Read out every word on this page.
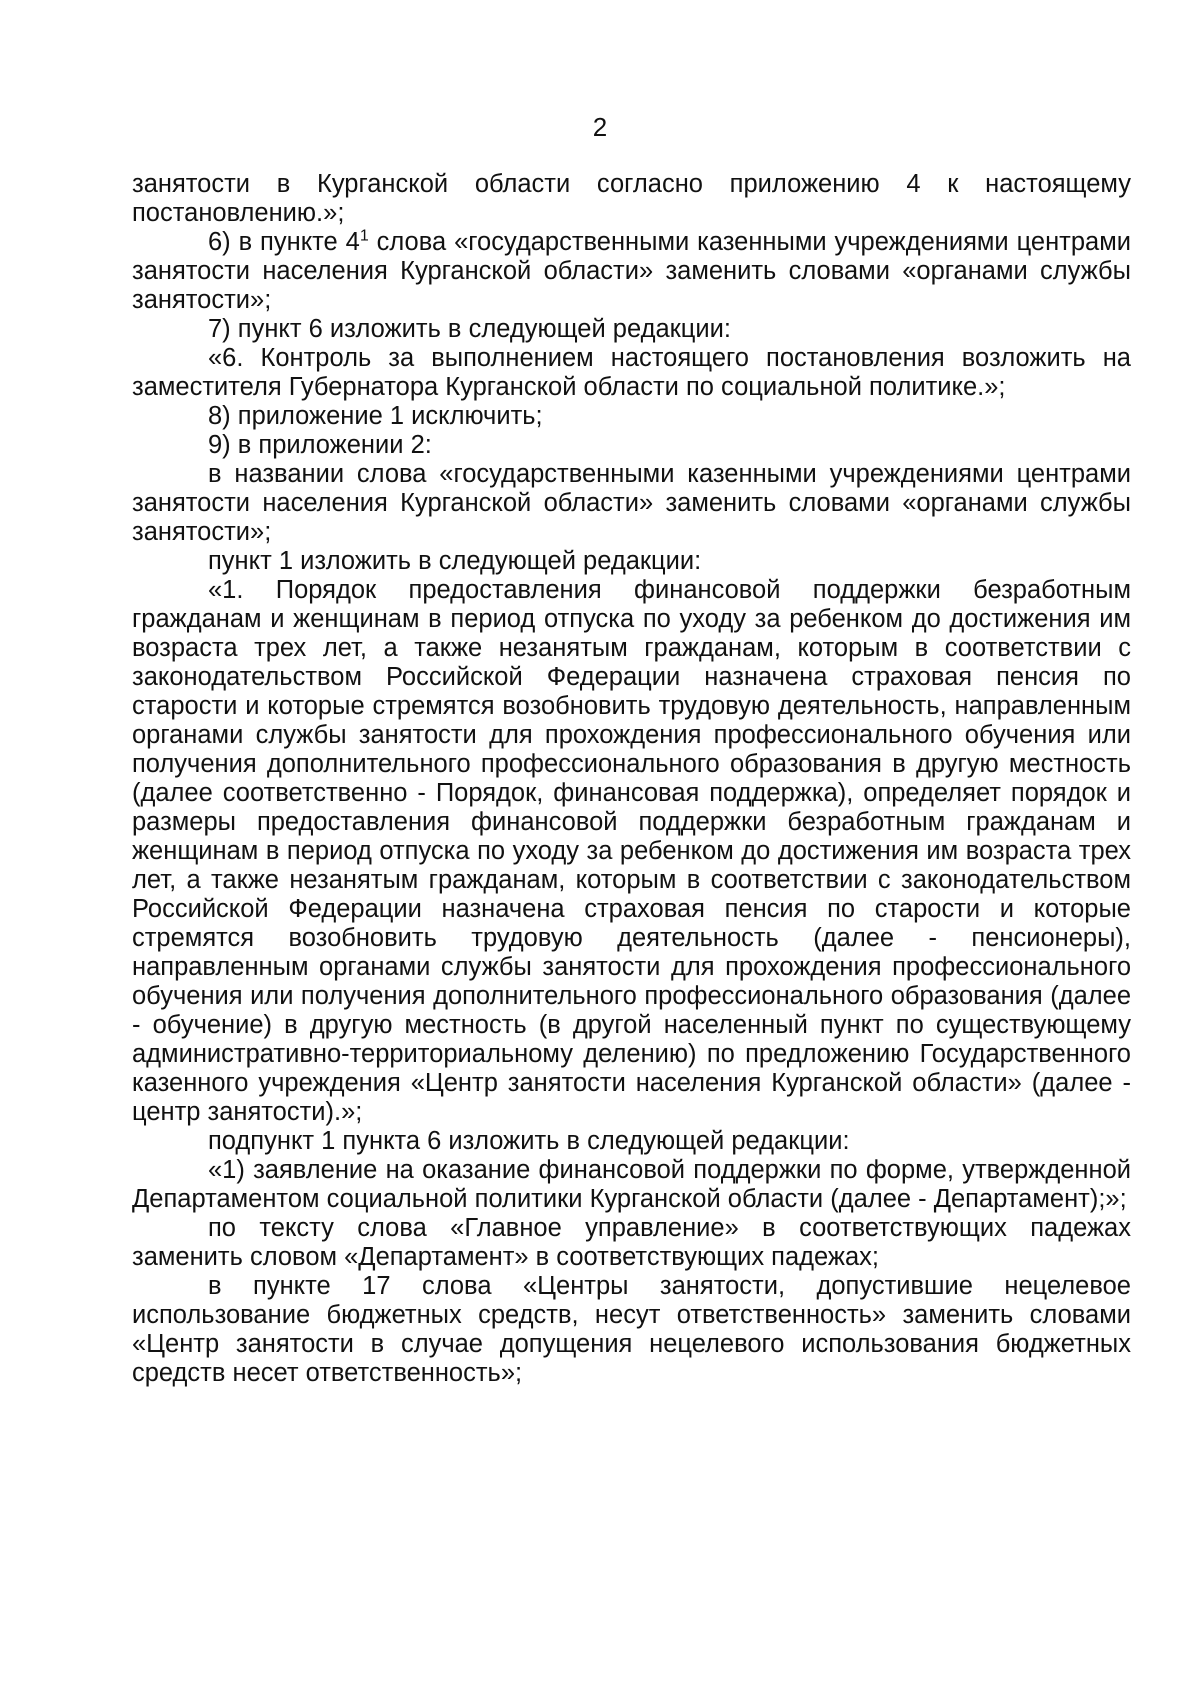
2

занятости в Курганской области согласно приложению 4 к настоящему постановлению.»;

6) в пункте $4^1$ слова «государственными казенными учреждениями центрами занятости населения Курганской области» заменить словами «органами службы занятости»;

7) пункт 6 изложить в следующей редакции:

«6. Контроль за выполнением настоящего постановления возложить на заместителя Губернатора Курганской области по социальной политике.»;

8) приложение 1 исключить;

9) в приложении 2:

в названии слова «государственными казенными учреждениями центрами занятости населения Курганской области» заменить словами «органами службы занятости»;

пункт 1 изложить в следующей редакции:

«1. Порядок предоставления финансовой поддержки безработным гражданам и женщинам в период отпуска по уходу за ребенком до достижения им возраста трех лет, а также незанятым гражданам, которым в соответствии с законодательством Российской Федерации назначена страховая пенсия по старости и которые стремятся возобновить трудовую деятельность, направленным органами службы занятости для прохождения профессионального обучения или получения дополнительного профессионального образования в другую местность (далее соответственно - Порядок, финансовая поддержка), определяет порядок и размеры предоставления финансовой поддержки безработным гражданам и женщинам в период отпуска по уходу за ребенком до достижения им возраста трех лет, а также незанятым гражданам, которым в соответствии с законодательством Российской Федерации назначена страховая пенсия по старости и которые стремятся возобновить трудовую деятельность (далее - пенсионеры), направленным органами службы занятости для прохождения профессионального обучения или получения дополнительного профессионального образования (далее - обучение) в другую местность (в другой населенный пункт по существующему административно-территориальному делению) по предложению Государственного казенного учреждения «Центр занятости населения Курганской области» (далее - центр занятости).»;

подпункт 1 пункта 6 изложить в следующей редакции:

«1) заявление на оказание финансовой поддержки по форме, утвержденной Департаментом социальной политики Курганской области (далее - Департамент);»;

по тексту слова «Главное управление» в соответствующих падежах заменить словом «Департамент» в соответствующих падежах;

в пункте 17 слова «Центры занятости, допустившие нецелевое использование бюджетных средств, несут ответственность» заменить словами «Центр занятости в случае допущения нецелевого использования бюджетных средств несет ответственность»;
